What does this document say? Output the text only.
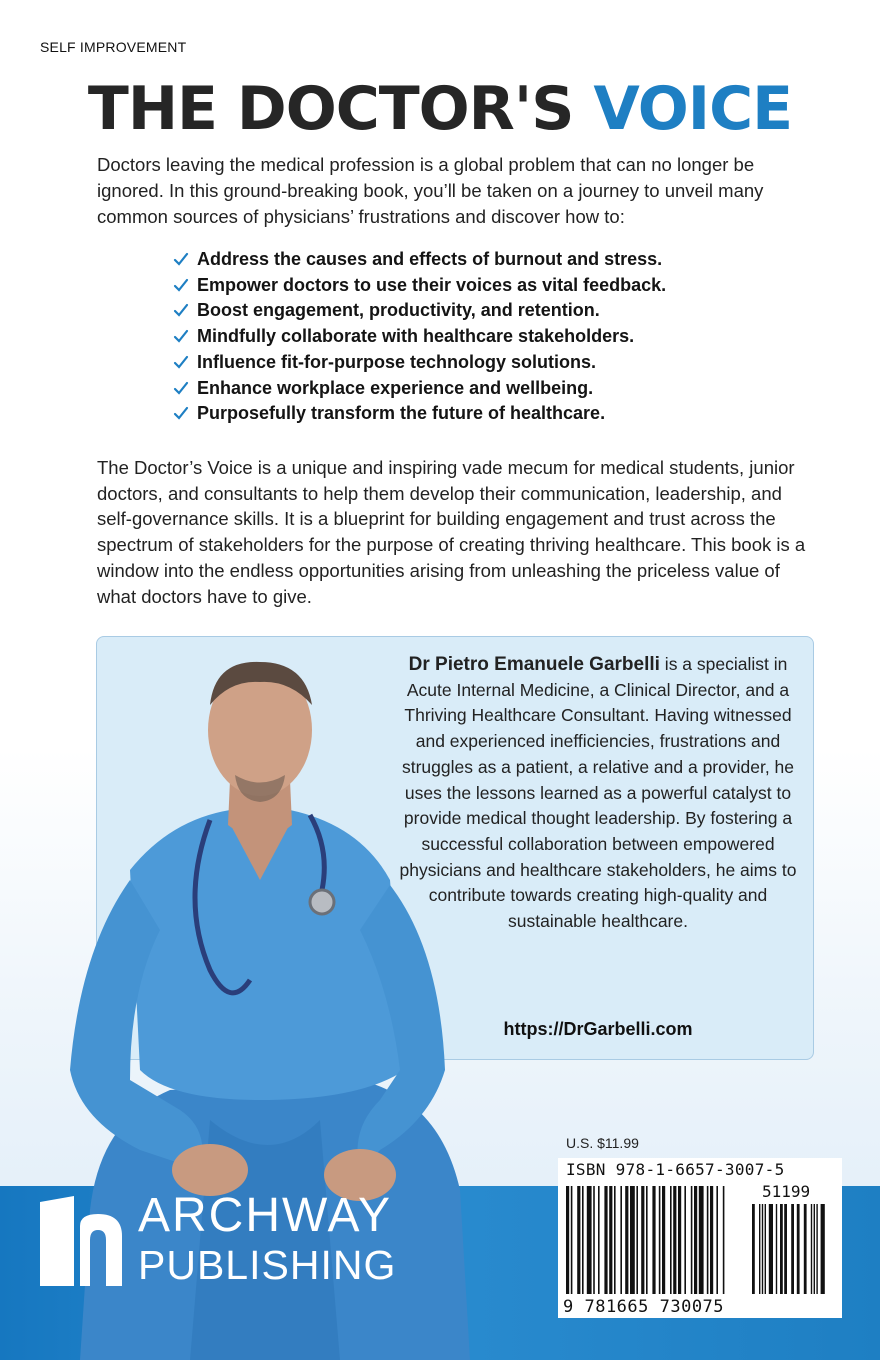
SELF IMPROVEMENT
THE DOCTOR'S VOICE

Doctors leaving the medical profession is a global problem that can no longer be ignored. In this ground-breaking book, you’ll be taken on a journey to unveil many common sources of physicians’ frustrations and discover how to:

Address the causes and effects of burnout and stress.
Empower doctors to use their voices as vital feedback.
Boost engagement, productivity, and retention.
Mindfully collaborate with healthcare stakeholders.
Influence fit-for-purpose technology solutions.
Enhance workplace experience and wellbeing.
Purposefully transform the future of healthcare.

The Doctor’s Voice is a unique and inspiring vade mecum for medical students, junior doctors, and consultants to help them develop their communication, leadership, and self-governance skills. It is a blueprint for building engagement and trust across the spectrum of stakeholders for the purpose of creating thriving healthcare. This book is a window into the endless opportunities arising from unleashing the priceless value of what doctors have to give.

Dr Pietro Emanuele Garbelli is a specialist in Acute Internal Medicine, a Clinical Director, and a Thriving Healthcare Consultant. Having witnessed and experienced inefficiencies, frustrations and struggles as a patient, a relative and a provider, he uses the lessons learned as a powerful catalyst to provide medical thought leadership. By fostering a successful collaboration between empowered physicians and healthcare stakeholders, he aims to contribute towards creating high-quality and sustainable healthcare.
https://DrGarbelli.com
ARCHWAY
PUBLISHING
U.S. $11.99
ISBN 978-1-6657-3007-5
51199
9 781665 730075
